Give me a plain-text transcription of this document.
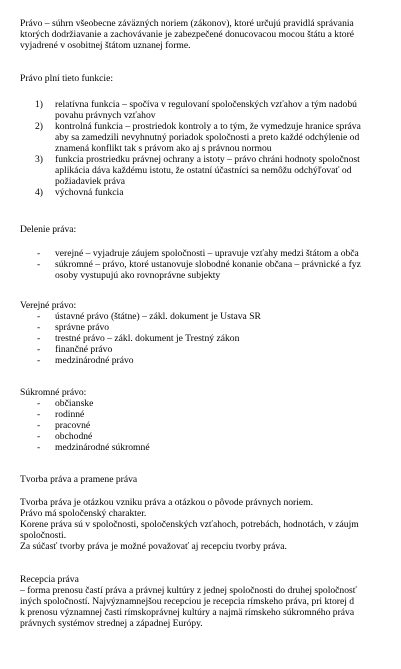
Právo – súhrn všeobecne záväzných noriem (zákonov), ktoré určujú pravidlá správania
ktorých dodržiavanie a zachovávanie je zabezpečené donucovacou mocou štátu a ktoré
vyjadrené v osobitnej štátom uznanej forme.
Právo plní tieto funkcie:
1) relatívna funkcia – spočíva v regulovaní spoločenských vzťahov a tým nadobú
povahu právnych vzťahov
2) kontrolná funkcia – prostriedok kontroly a to tým, že vymedzuje hranice správa
aby sa zamedzili nevyhnutný poriadok spoločnosti a preto každé odchýlenie od
znamená konflikt tak s právom ako aj s právnou normou
3) funkcia prostriedku právnej ochrany a istoty – právo chráni hodnoty spoločnost
aplikácia dáva každému istotu, že ostatní účastníci sa nemôžu odchýľovať od
požiadaviek práva
4) výchovná funkcia
Delenie práva:
- verejné – vyjadruje záujem spoločnosti – upravuje vzťahy medzi štátom a obča
- súkromné – právo, ktoré ustanovuje slobodné konanie občana – právnické a fyz
osoby vystupujú ako rovnoprávne subjekty
Verejné právo:
- ústavné právo (štátne) – zákl. dokument je Ustava SR
- správne právo
- trestné právo – zákl. dokument je Trestný zákon
- finančné právo
- medzinárodné právo
Súkromné právo:
- občianske
- rodinné
- pracovné
- obchodné
- medzinárodné súkromné
Tvorba práva a pramene práva
Tvorba práva je otázkou vzniku práva a otázkou o pôvode právnych noriem.
Právo má spoločenský charakter.
Korene práva sú v spoločnosti, spoločenských vzťahoch, potrebách, hodnotách, v záujm
spoločnosti.
Za súčasť tvorby práva je možné považovať aj recepciu tvorby práva.
Recepcia práva
– forma prenosu častí práva a právnej kultúry z jednej spoločnosti do druhej spoločnosť
iných spoločností. Najvýznamnejšou recepciou je recepcia rímskeho práva, pri ktorej d
k prenosu významnej časti rímskoprávnej kultúry a najmä rímskeho súkromného práva
právnych systémov strednej a západnej Európy.
